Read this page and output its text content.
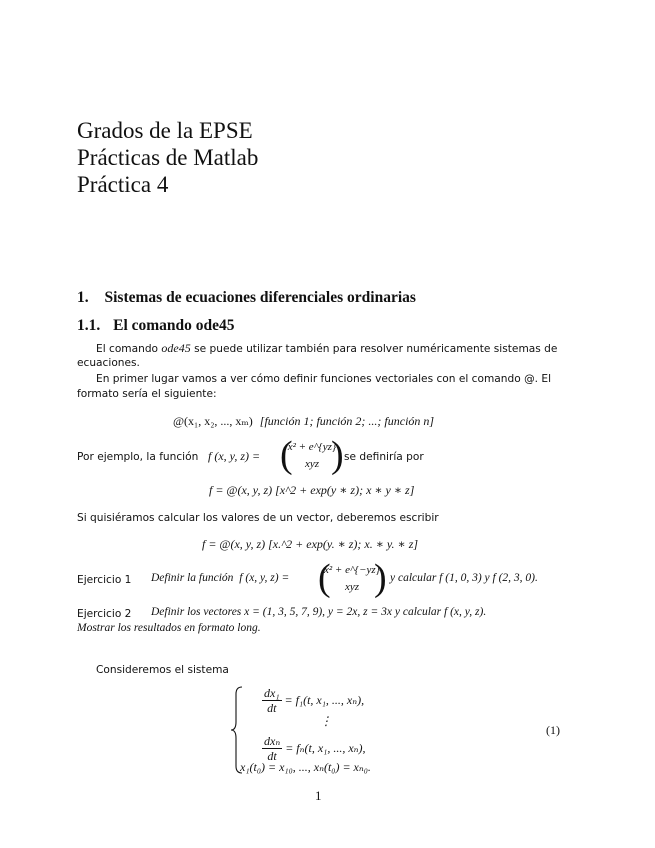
Grados de la EPSE
Prácticas de Matlab
Práctica 4
1. Sistemas de ecuaciones diferenciales ordinarias
1.1. El comando ode45
El comando ode45 se puede utilizar también para resolver numéricamente sistemas de
ecuaciones.
En primer lugar vamos a ver cómo definir funciones vectoriales con el comando @. El
formato sería el siguiente:
@(x₁, x₂, ..., xₘ) [función 1; función 2; ...; función n]
Por ejemplo, la función f (x, y, z) = (
x² + e^{yz}
xyz ) se definiría por
f = @(x, y, z) [x^2 + exp(y ∗ z); x ∗ y ∗ z]
Si quisiéramos calcular los valores de un vector, deberemos escribir
f = @(x, y, z) [x.^2 + exp(y. ∗ z); x. ∗ y. ∗ z]
Ejercicio 1 Definir la función f (x, y, z) = (
x² + e^{−yz}
xyz ) y calcular f (1, 0, 3) y f (2, 3, 0).
Ejercicio 2 Definir los vectores x = (1, 3, 5, 7, 9), y = 2x, z = 3x y calcular f (x, y, z).
Mostrar los resultados en formato long.
Consideremos el sistema
$\frac{\text{dx₁}}{dt} = f_1(t$, x₁, ..., xₙ),
⋮
$\frac{\text{dxₙ}}{dt} = f_n(t$, x₁, ..., xₙ),
x₁(t₀) = x₁₀, ..., xₙ(t₀) = xₙ₀.
(1)
1
